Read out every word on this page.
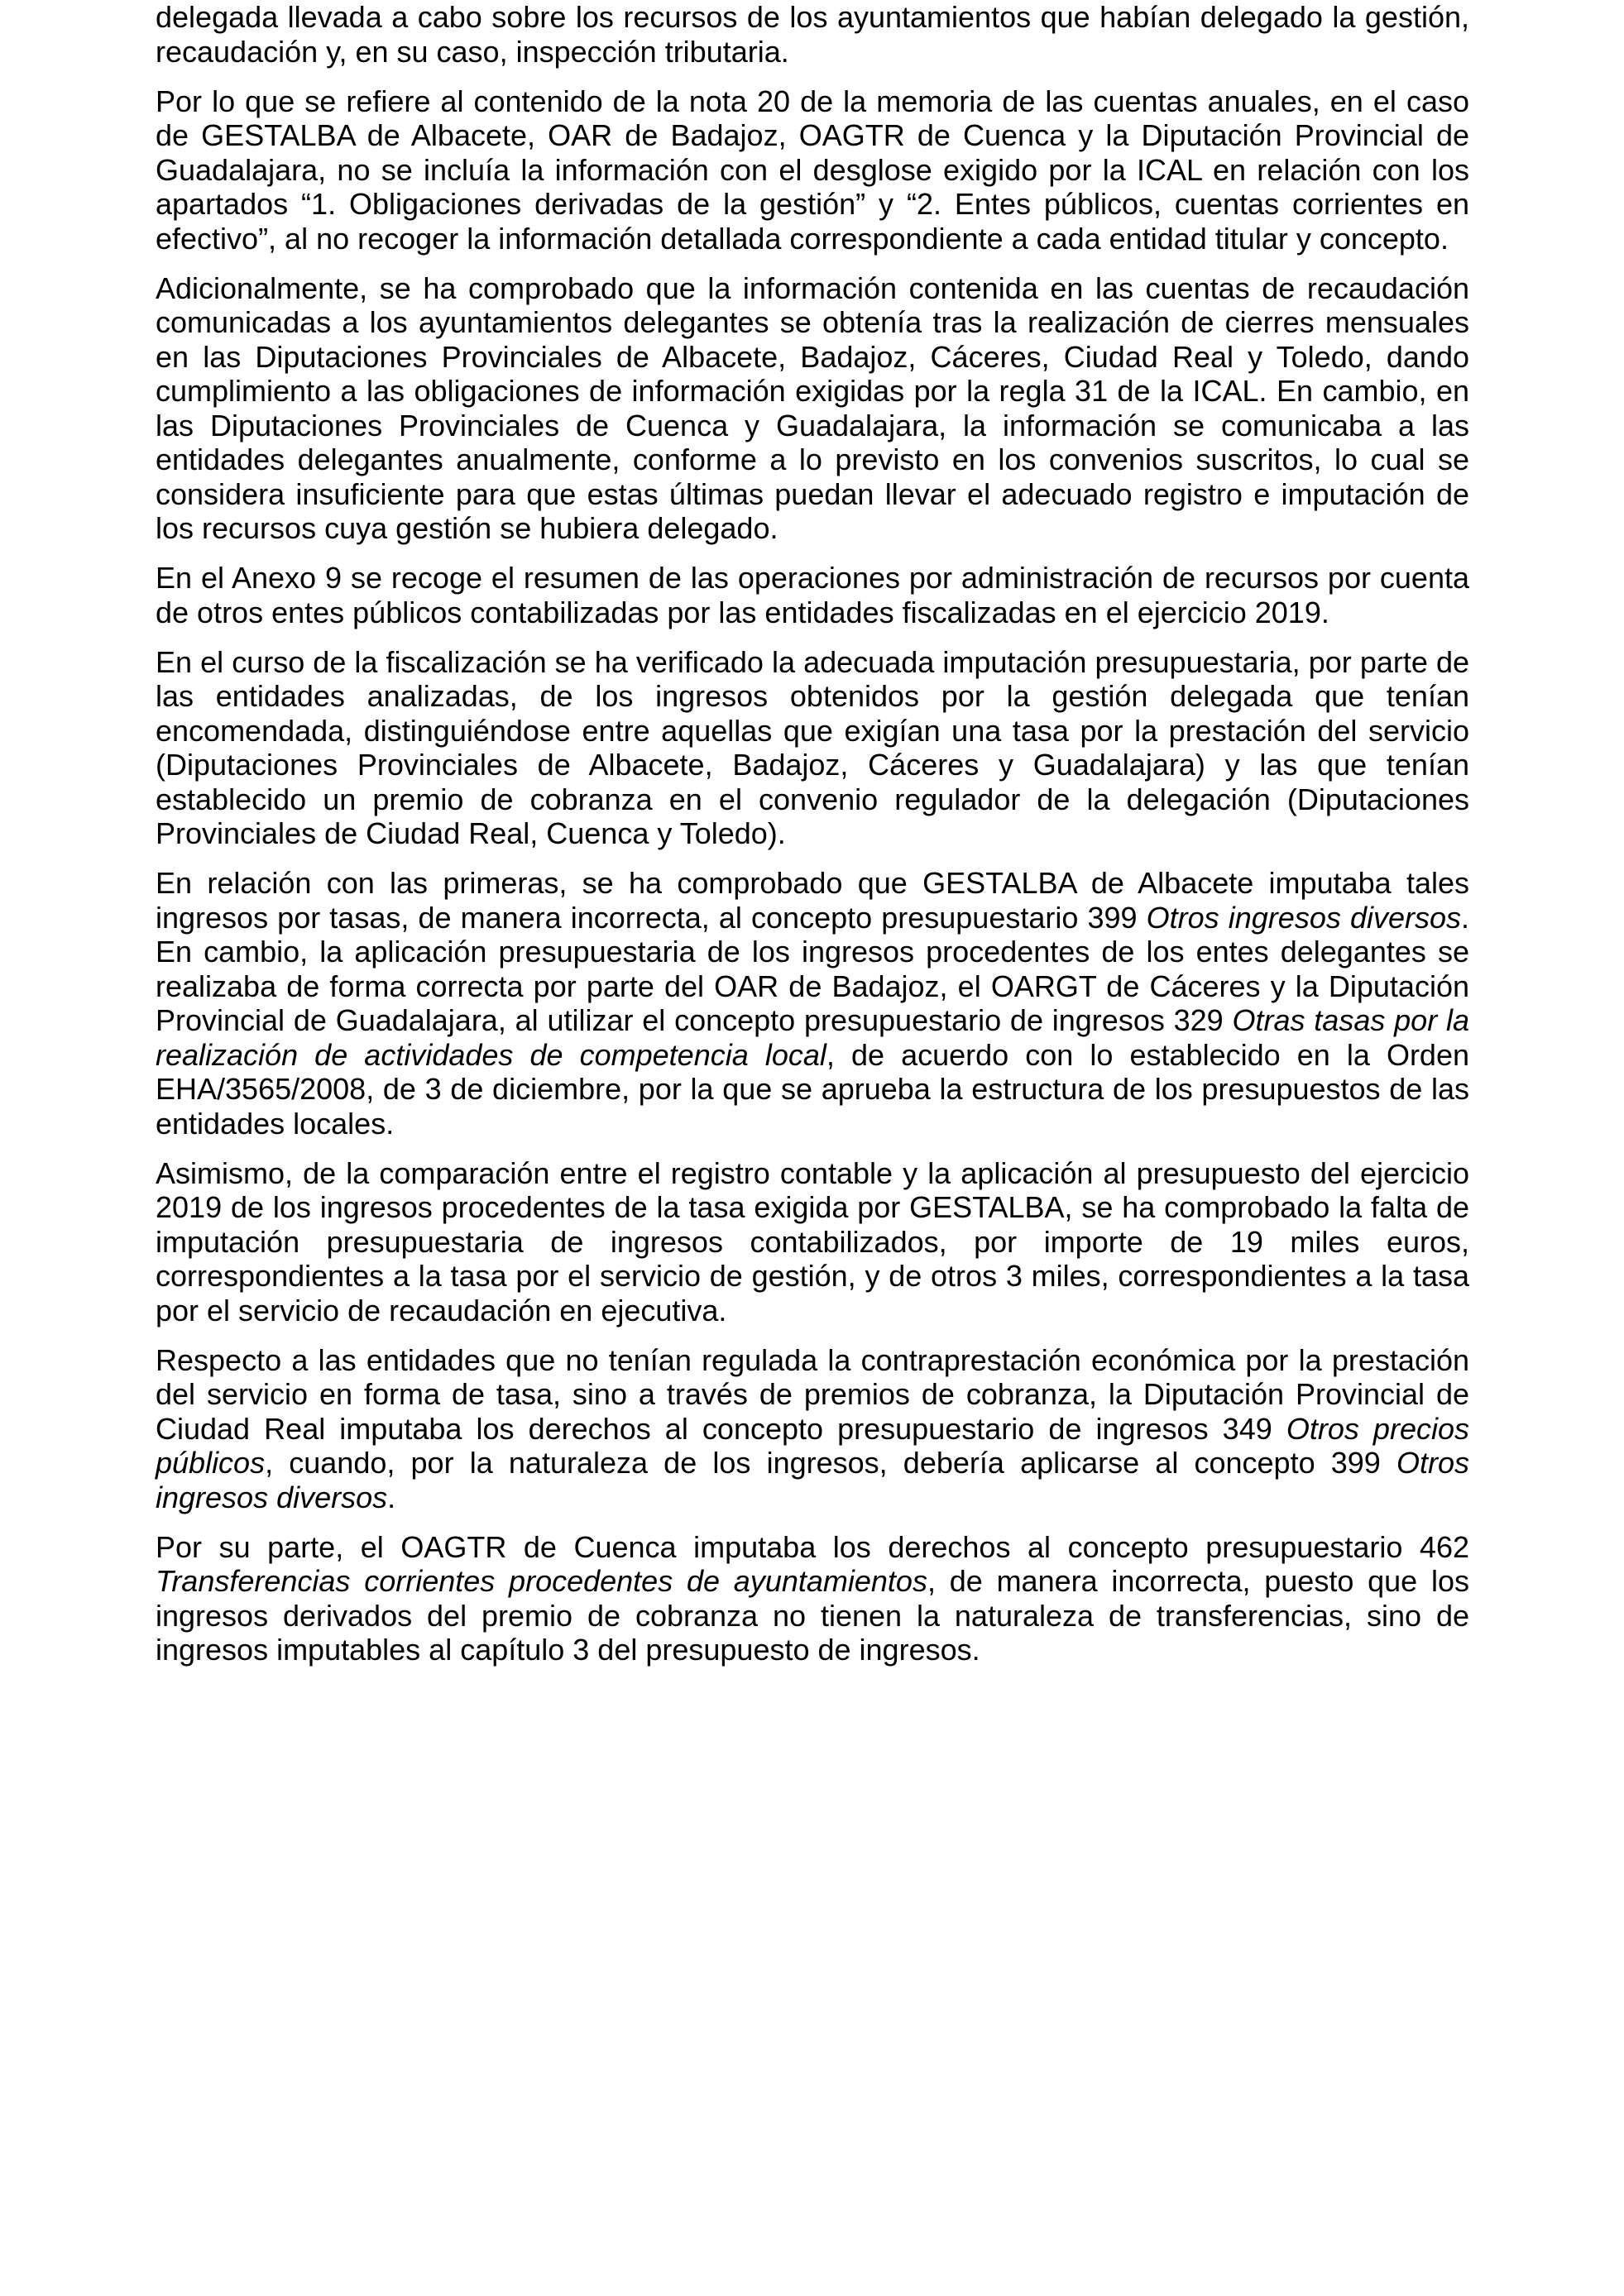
delegada llevada a cabo sobre los recursos de los ayuntamientos que habían delegado la gestión, recaudación y, en su caso, inspección tributaria.

Por lo que se refiere al contenido de la nota 20 de la memoria de las cuentas anuales, en el caso de GESTALBA de Albacete, OAR de Badajoz, OAGTR de Cuenca y la Diputación Provincial de Guadalajara, no se incluía la información con el desglose exigido por la ICAL en relación con los apartados “1. Obligaciones derivadas de la gestión” y “2. Entes públicos, cuentas corrientes en efectivo”, al no recoger la información detallada correspondiente a cada entidad titular y concepto.

Adicionalmente, se ha comprobado que la información contenida en las cuentas de recaudación comunicadas a los ayuntamientos delegantes se obtenía tras la realización de cierres mensuales en las Diputaciones Provinciales de Albacete, Badajoz, Cáceres, Ciudad Real y Toledo, dando cumplimiento a las obligaciones de información exigidas por la regla 31 de la ICAL. En cambio, en las Diputaciones Provinciales de Cuenca y Guadalajara, la información se comunicaba a las entidades delegantes anualmente, conforme a lo previsto en los convenios suscritos, lo cual se considera insuficiente para que estas últimas puedan llevar el adecuado registro e imputación de los recursos cuya gestión se hubiera delegado.

En el Anexo 9 se recoge el resumen de las operaciones por administración de recursos por cuenta de otros entes públicos contabilizadas por las entidades fiscalizadas en el ejercicio 2019.

En el curso de la fiscalización se ha verificado la adecuada imputación presupuestaria, por parte de las entidades analizadas, de los ingresos obtenidos por la gestión delegada que tenían encomendada, distinguiéndose entre aquellas que exigían una tasa por la prestación del servicio (Diputaciones Provinciales de Albacete, Badajoz, Cáceres y Guadalajara) y las que tenían establecido un premio de cobranza en el convenio regulador de la delegación (Diputaciones Provinciales de Ciudad Real, Cuenca y Toledo).

En relación con las primeras, se ha comprobado que GESTALBA de Albacete imputaba tales ingresos por tasas, de manera incorrecta, al concepto presupuestario 399 Otros ingresos diversos. En cambio, la aplicación presupuestaria de los ingresos procedentes de los entes delegantes se realizaba de forma correcta por parte del OAR de Badajoz, el OARGT de Cáceres y la Diputación Provincial de Guadalajara, al utilizar el concepto presupuestario de ingresos 329 Otras tasas por la realización de actividades de competencia local, de acuerdo con lo establecido en la Orden EHA/3565/2008, de 3 de diciembre, por la que se aprueba la estructura de los presupuestos de las entidades locales.

Asimismo, de la comparación entre el registro contable y la aplicación al presupuesto del ejercicio 2019 de los ingresos procedentes de la tasa exigida por GESTALBA, se ha comprobado la falta de imputación presupuestaria de ingresos contabilizados, por importe de 19 miles euros, correspondientes a la tasa por el servicio de gestión, y de otros 3 miles, correspondientes a la tasa por el servicio de recaudación en ejecutiva.

Respecto a las entidades que no tenían regulada la contraprestación económica por la prestación del servicio en forma de tasa, sino a través de premios de cobranza, la Diputación Provincial de Ciudad Real imputaba los derechos al concepto presupuestario de ingresos 349 Otros precios públicos, cuando, por la naturaleza de los ingresos, debería aplicarse al concepto 399 Otros ingresos diversos.

Por su parte, el OAGTR de Cuenca imputaba los derechos al concepto presupuestario 462 Transferencias corrientes procedentes de ayuntamientos, de manera incorrecta, puesto que los ingresos derivados del premio de cobranza no tienen la naturaleza de transferencias, sino de ingresos imputables al capítulo 3 del presupuesto de ingresos.
